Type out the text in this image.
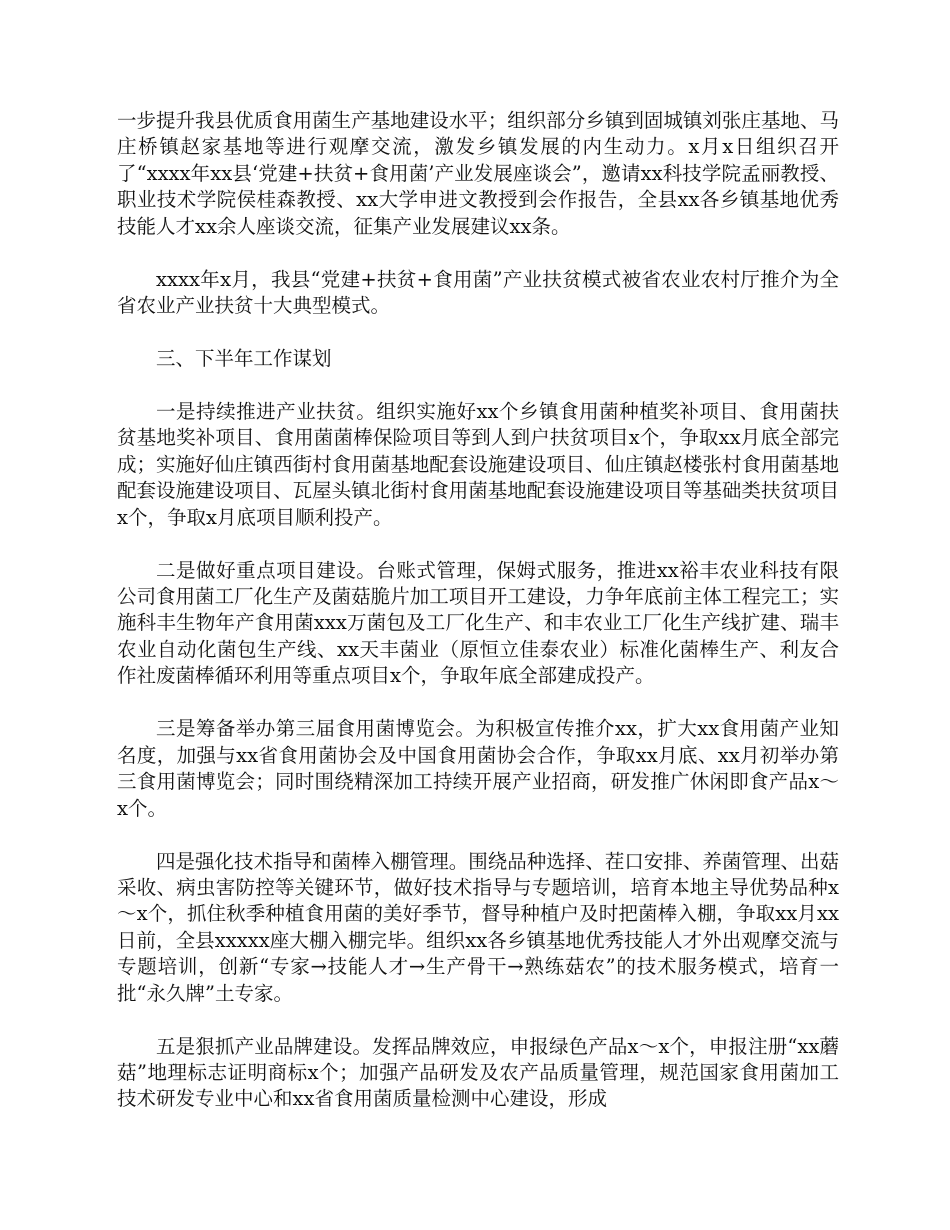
一步提升我县优质食用菌生产基地建设水平；组织部分乡镇到固城镇刘张庄基地、马庄桥镇赵家基地等进行观摩交流，激发乡镇发展的内生动力。x月x日组织召开了“xxxx年xx县‘党建+扶贫+食用菌’产业发展座谈会”，邀请xx科技学院孟丽教授、职业技术学院侯桂森教授、xx大学申进文教授到会作报告，全县xx各乡镇基地优秀技能人才xx余人座谈交流，征集产业发展建议xx条。

xxxx年x月，我县“党建+扶贫+食用菌”产业扶贫模式被省农业农村厅推介为全省农业产业扶贫十大典型模式。

三、下半年工作谋划

一是持续推进产业扶贫。组织实施好xx个乡镇食用菌种植奖补项目、食用菌扶贫基地奖补项目、食用菌菌棒保险项目等到人到户扶贫项目x个，争取xx月底全部完成；实施好仙庄镇西街村食用菌基地配套设施建设项目、仙庄镇赵楼张村食用菌基地配套设施建设项目、瓦屋头镇北街村食用菌基地配套设施建设项目等基础类扶贫项目x个，争取x月底项目顺利投产。

二是做好重点项目建设。台账式管理，保姆式服务，推进xx裕丰农业科技有限公司食用菌工厂化生产及菌菇脆片加工项目开工建设，力争年底前主体工程完工；实施科丰生物年产食用菌xxx万菌包及工厂化生产、和丰农业工厂化生产线扩建、瑞丰农业自动化菌包生产线、xx天丰菌业（原恒立佳泰农业）标准化菌棒生产、利友合作社废菌棒循环利用等重点项目x个，争取年底全部建成投产。

三是筹备举办第三届食用菌博览会。为积极宣传推介xx，扩大xx食用菌产业知名度，加强与xx省食用菌协会及中国食用菌协会合作，争取xx月底、xx月初举办第三食用菌博览会；同时围绕精深加工持续开展产业招商，研发推广休闲即食产品x～x个。

四是强化技术指导和菌棒入棚管理。围绕品种选择、茬口安排、养菌管理、出菇采收、病虫害防控等关键环节，做好技术指导与专题培训，培育本地主导优势品种x～x个，抓住秋季种植食用菌的美好季节，督导种植户及时把菌棒入棚，争取xx月xx日前，全县xxxxx座大棚入棚完毕。组织xx各乡镇基地优秀技能人才外出观摩交流与专题培训，创新“专家→技能人才→生产骨干→熟练菇农”的技术服务模式，培育一批“永久牌”土专家。

五是狠抓产业品牌建设。发挥品牌效应，申报绿色产品x～x个，申报注册“xx蘑菇”地理标志证明商标x个；加强产品研发及农产品质量管理，规范国家食用菌加工技术研发专业中心和xx省食用菌质量检测中心建设，形成
